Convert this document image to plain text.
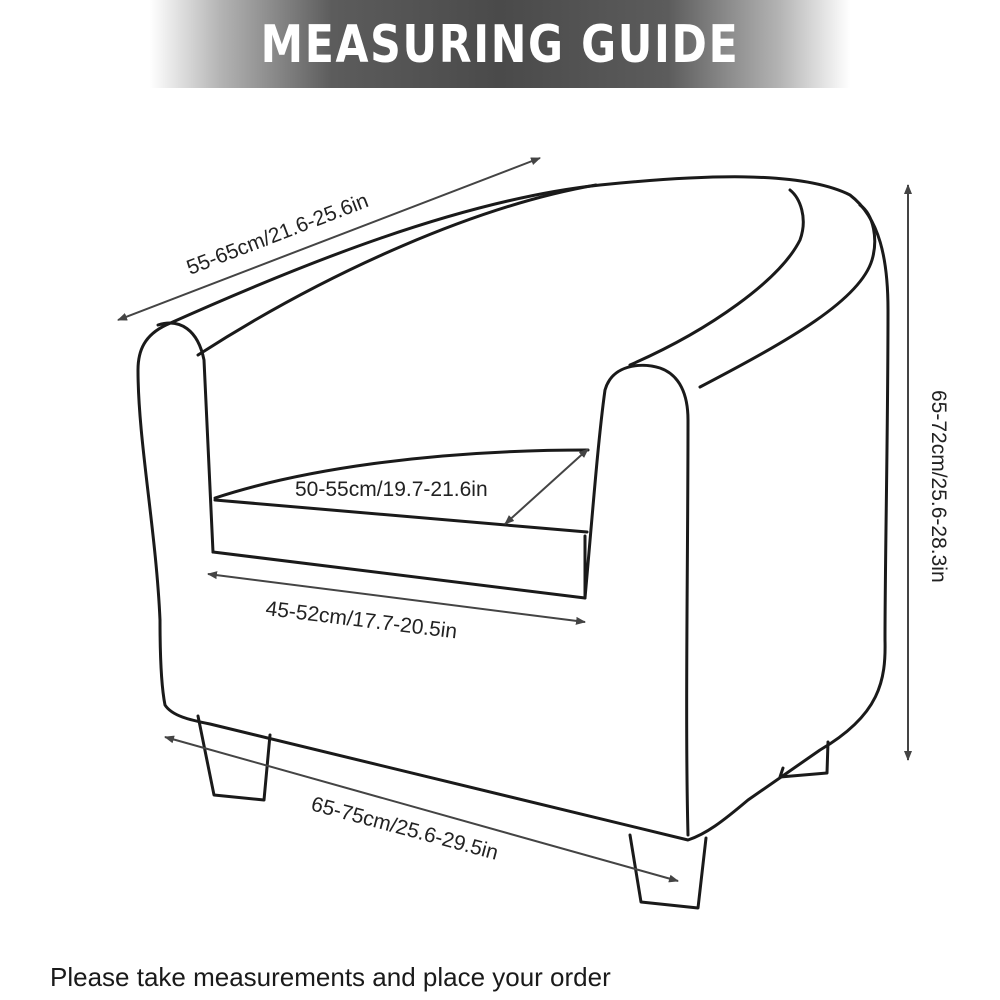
MEASURING GUIDE
55-65cm/21.6-25.6in
50-55cm/19.7-21.6in
45-52cm/17.7-20.5in
65-75cm/25.6-29.5in
65-72cm/25.6-28.3in
Please take measurements and place your order
